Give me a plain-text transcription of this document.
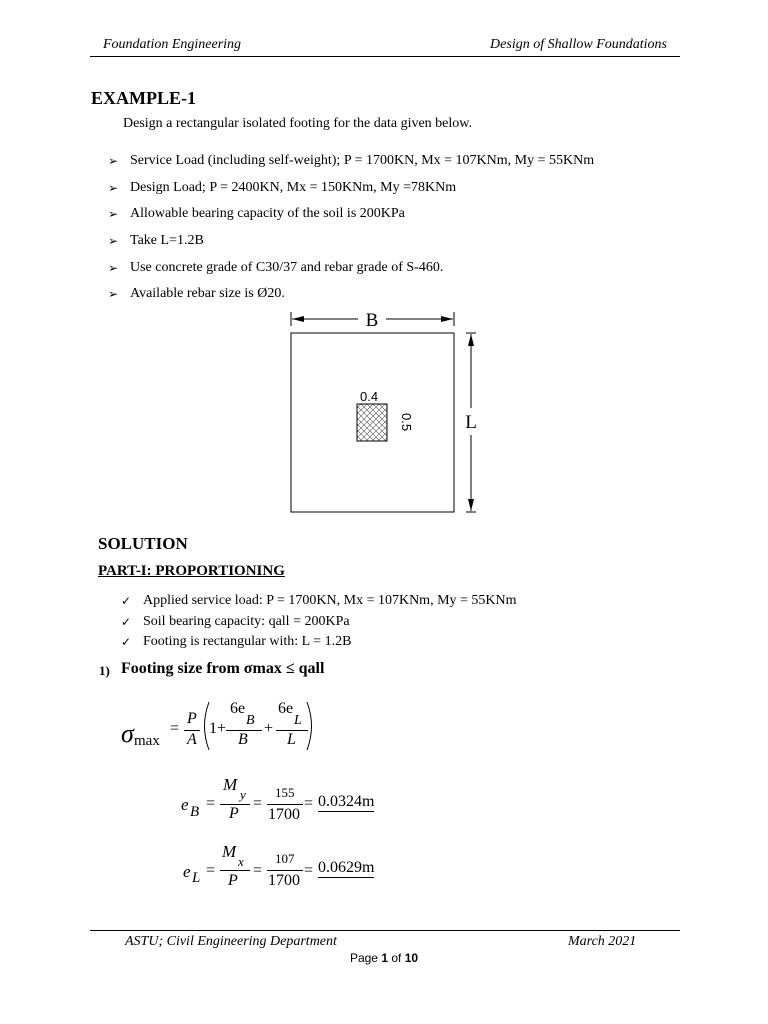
Foundation Engineering	Design of Shallow Foundations
EXAMPLE-1
Design a rectangular isolated footing for the data given below.
➢ Service Load (including self-weight); P = 1700KN, Mx = 107KNm, My = 55KNm
➢ Design Load; P = 2400KN, Mx = 150KNm, My =78KNm
➢ Allowable bearing capacity of the soil is 200KPa
➢ Take L=1.2B
➢ Use concrete grade of C30/37 and rebar grade of S-460.
➢ Available rebar size is Ø20.
B
0.4
0.5	L
SOLUTION
PART-I: PROPORTIONING
✓ Applied service load: P = 1700KN, Mx = 107KNm, My = 55KNm
✓ Soil bearing capacity: qall = 200KPa
✓ Footing is rectangular with: L = 1.2B
1) Footing size from σmax ≤ qall
σ max
=
P
A
1+
6e
B
B
+
6e
L
L
e B =
M
y
P
=
155
1700
= 0.0324m
e L =
M
x
P
=
107
1700
= 0.0629m
ASTU; Civil Engineering Department	March 2021
Page 1 of 10
